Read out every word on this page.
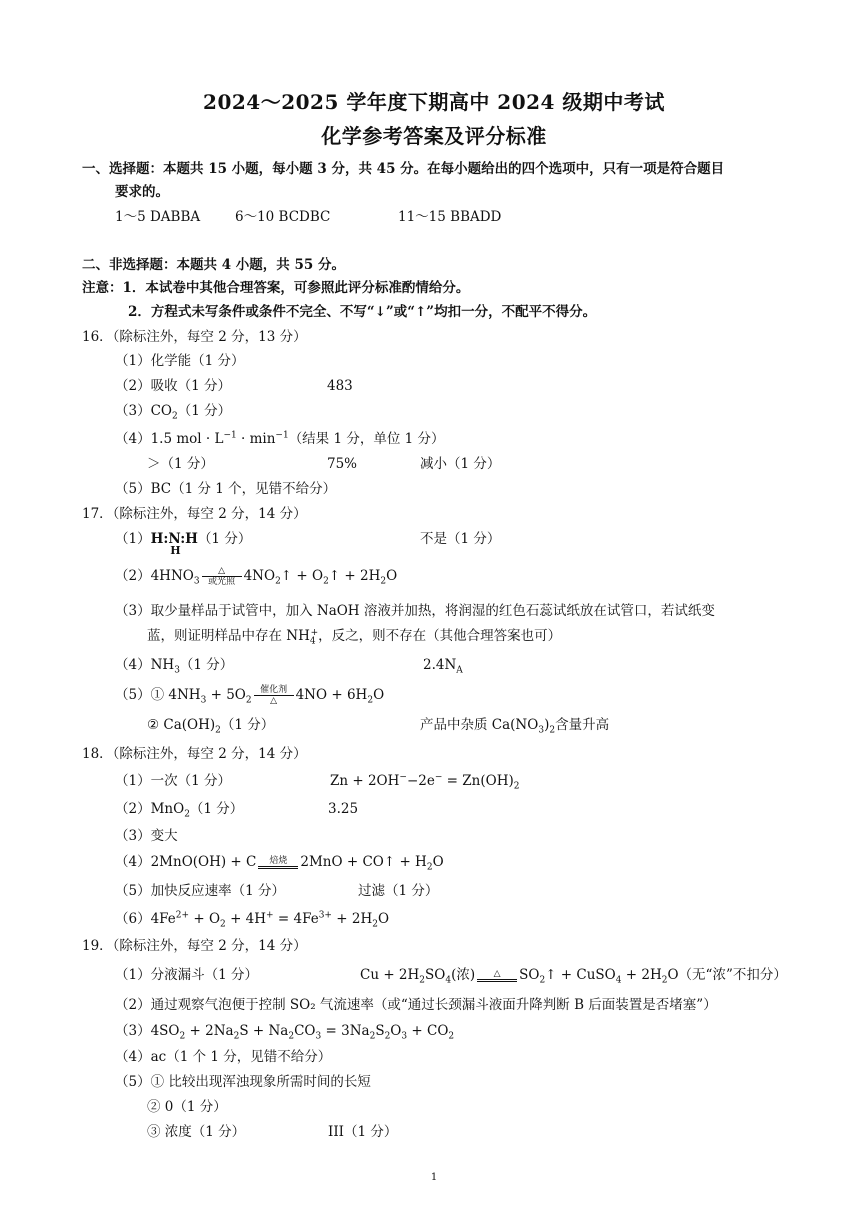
2024～2025 学年度下期高中 2024 级期中考试
化学参考答案及评分标准
一、选择题：本题共 15 小题，每小题 3 分，共 45 分。在每小题给出的四个选项中，只有一项是符合题目
要求的。
1～5 DABBA	6～10 BCDBC	11～15 BBADD
二、非选择题：本题共 4 小题，共 55 分。
注意：1．本试卷中其他合理答案，可参照此评分标准酌情给分。
2．方程式未写条件或条件不完全、不写“↓”或“↑”均扣一分，不配平不得分。
16．（除标注外，每空 2 分，13 分）
（1）化学能（1 分）
（2）吸收（1 分）	483
$(3)CO_2(1$ 分）
（4）1.5 mol · $L^{-1} \cdot \min^{-1}$（结果 1 分，单位 1 分）
＞（1 分）	75%	减小（1 分）
（5）BC（1 分 1 个，见错不给分）
17．（除标注外，每空 2 分，14 分）
（1）H:N:H
H
（1 分）	不是（1 分）
$(2)4HNO_3 \frac{\triangle}{\text{或光照}}$ $4NO_2↑$ + $O_2↑ + 2H_2O$
（3）取少量样品于试管中，加入 NaOH 溶液并加热，将润湿的红色石蕊试纸放在试管口，若试纸变
蓝，则证明样品中存在 $NH_4^+$，反之，则不存在（其他合理答案也可）
$(4)NH_3(1$ 分）	$2.4N_A$
（5）① $4NH_3 + 5O_2 \frac{\text{催化剂}}{\triangle} 4NO + 6H_2O$
② $Ca(OH)_2(1$ 分）	产品中杂质 $Ca(NO_3)_2$含量升高
18．（除标注外，每空 2 分，14 分）
（1）一次（1 分）	$Zn + 2OH^--2e^- = Zn(OH)_2$
（2）MnO$_2$（1 分）	3.25
（3）变大
（4）2MnO(OH) + C	焙烧 2MnO + CO↑ + $H_2O$
（5）加快反应速率（1 分）	过滤（1 分）
$(6)4Fe^{2+} + O_2 + 4H^+ = 4Fe^{3+} + 2H_2O$
19．（除标注外，每空 2 分，14 分）
（1）分液漏斗（1 分）	$Cu + 2H_2SO_4$(浓)	△	$SO_2↑$ + CuSO$_4$ + $2H_2O$（无“浓”不扣分）
（2）通过观察气泡便于控制 SO₂ 气流速率（或“通过长颈漏斗液面升降判断 B 后面装置是否堵塞”）
$(3)4SO_2 + 2Na_2S + Na_2CO_3 = 3Na_2S_2O_3 + CO_2$
（4）ac（1 个 1 分，见错不给分）
（5）① 比较出现浑浊现象所需时间的长短
② 0（1 分）
③ 浓度（1 分）	III（1 分）
1
